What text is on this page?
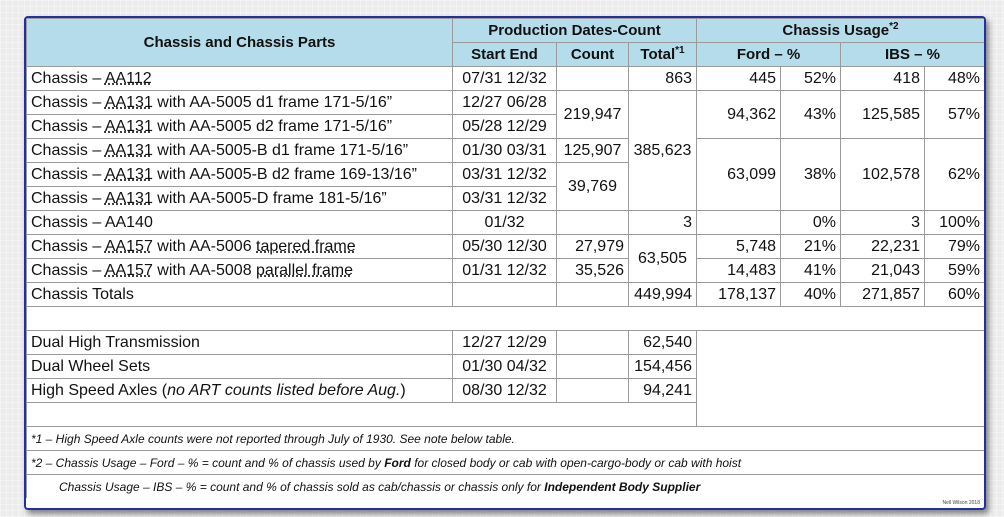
Chassis and Chassis Parts	Production Dates-Count			Chassis Usage$^{*2}$
	Start End	Count	Total$^{*1}$	Ford – %		IBS – %	
Chassis – AA112	07/31 12/32		863	445	52%	418	48%
Chassis – AA131 with AA-5005 d1 frame 171-5/16”	12/27 06/28	219,947	385,623	94,362	43%	125,585	57%
Chassis – AA131 with AA-5005 d2 frame 171-5/16”	05/28 12/29						
Chassis – AA131 with AA-5005-B d1 frame 171-5/16”	01/30 03/31	125,907		63,099	38%	102,578	62%
Chassis – AA131 with AA-5005-B d2 frame 169-13/16”	03/31 12/32	39,769					
Chassis – AA131 with AA-5005-D frame 181-5/16”	03/31 12/32						
Chassis – AA140	01/32		3		0%	3	100%
Chassis – AA157 with AA-5006 tapered frame	05/30 12/30	27,979	63,505	5,748	21%	22,231	79%
Chassis – AA157 with AA-5008 parallel frame	01/31 12/32	35,526		14,483	41%	21,043	59%
Chassis Totals			449,994	178,137	40%	271,857	60%

Dual High Transmission	12/27 12/29		62,540				
Dual Wheel Sets	01/30 04/32		154,456				
High Speed Axles (no ART counts listed before Aug.)	08/30 12/32		94,241				

*1 – High Speed Axle counts were not reported through July of 1930. See note below table.							
*2 – Chassis Usage – Ford – % = count and % of chassis used by Ford for closed body or cab with open-cargo-body or cab with hoist							
Chassis Usage – IBS – % = count and % of chassis sold as cab/chassis or chassis only for Independent Body Supplier							
Neil Wilson 2018
